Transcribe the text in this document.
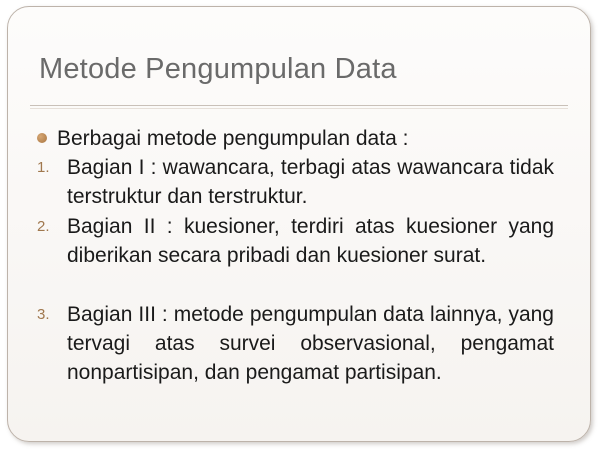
Metode Pengumpulan Data
Berbagai metode pengumpulan data :
1. Bagian I : wawancara, terbagi atas wawancara tidak terstruktur dan terstruktur.
2. Bagian II : kuesioner, terdiri atas kuesioner yang diberikan secara pribadi dan kuesioner surat.
3. Bagian III : metode pengumpulan data lainnya, yang tervagi atas survei observasional, pengamat nonpartisipan, dan pengamat partisipan.
